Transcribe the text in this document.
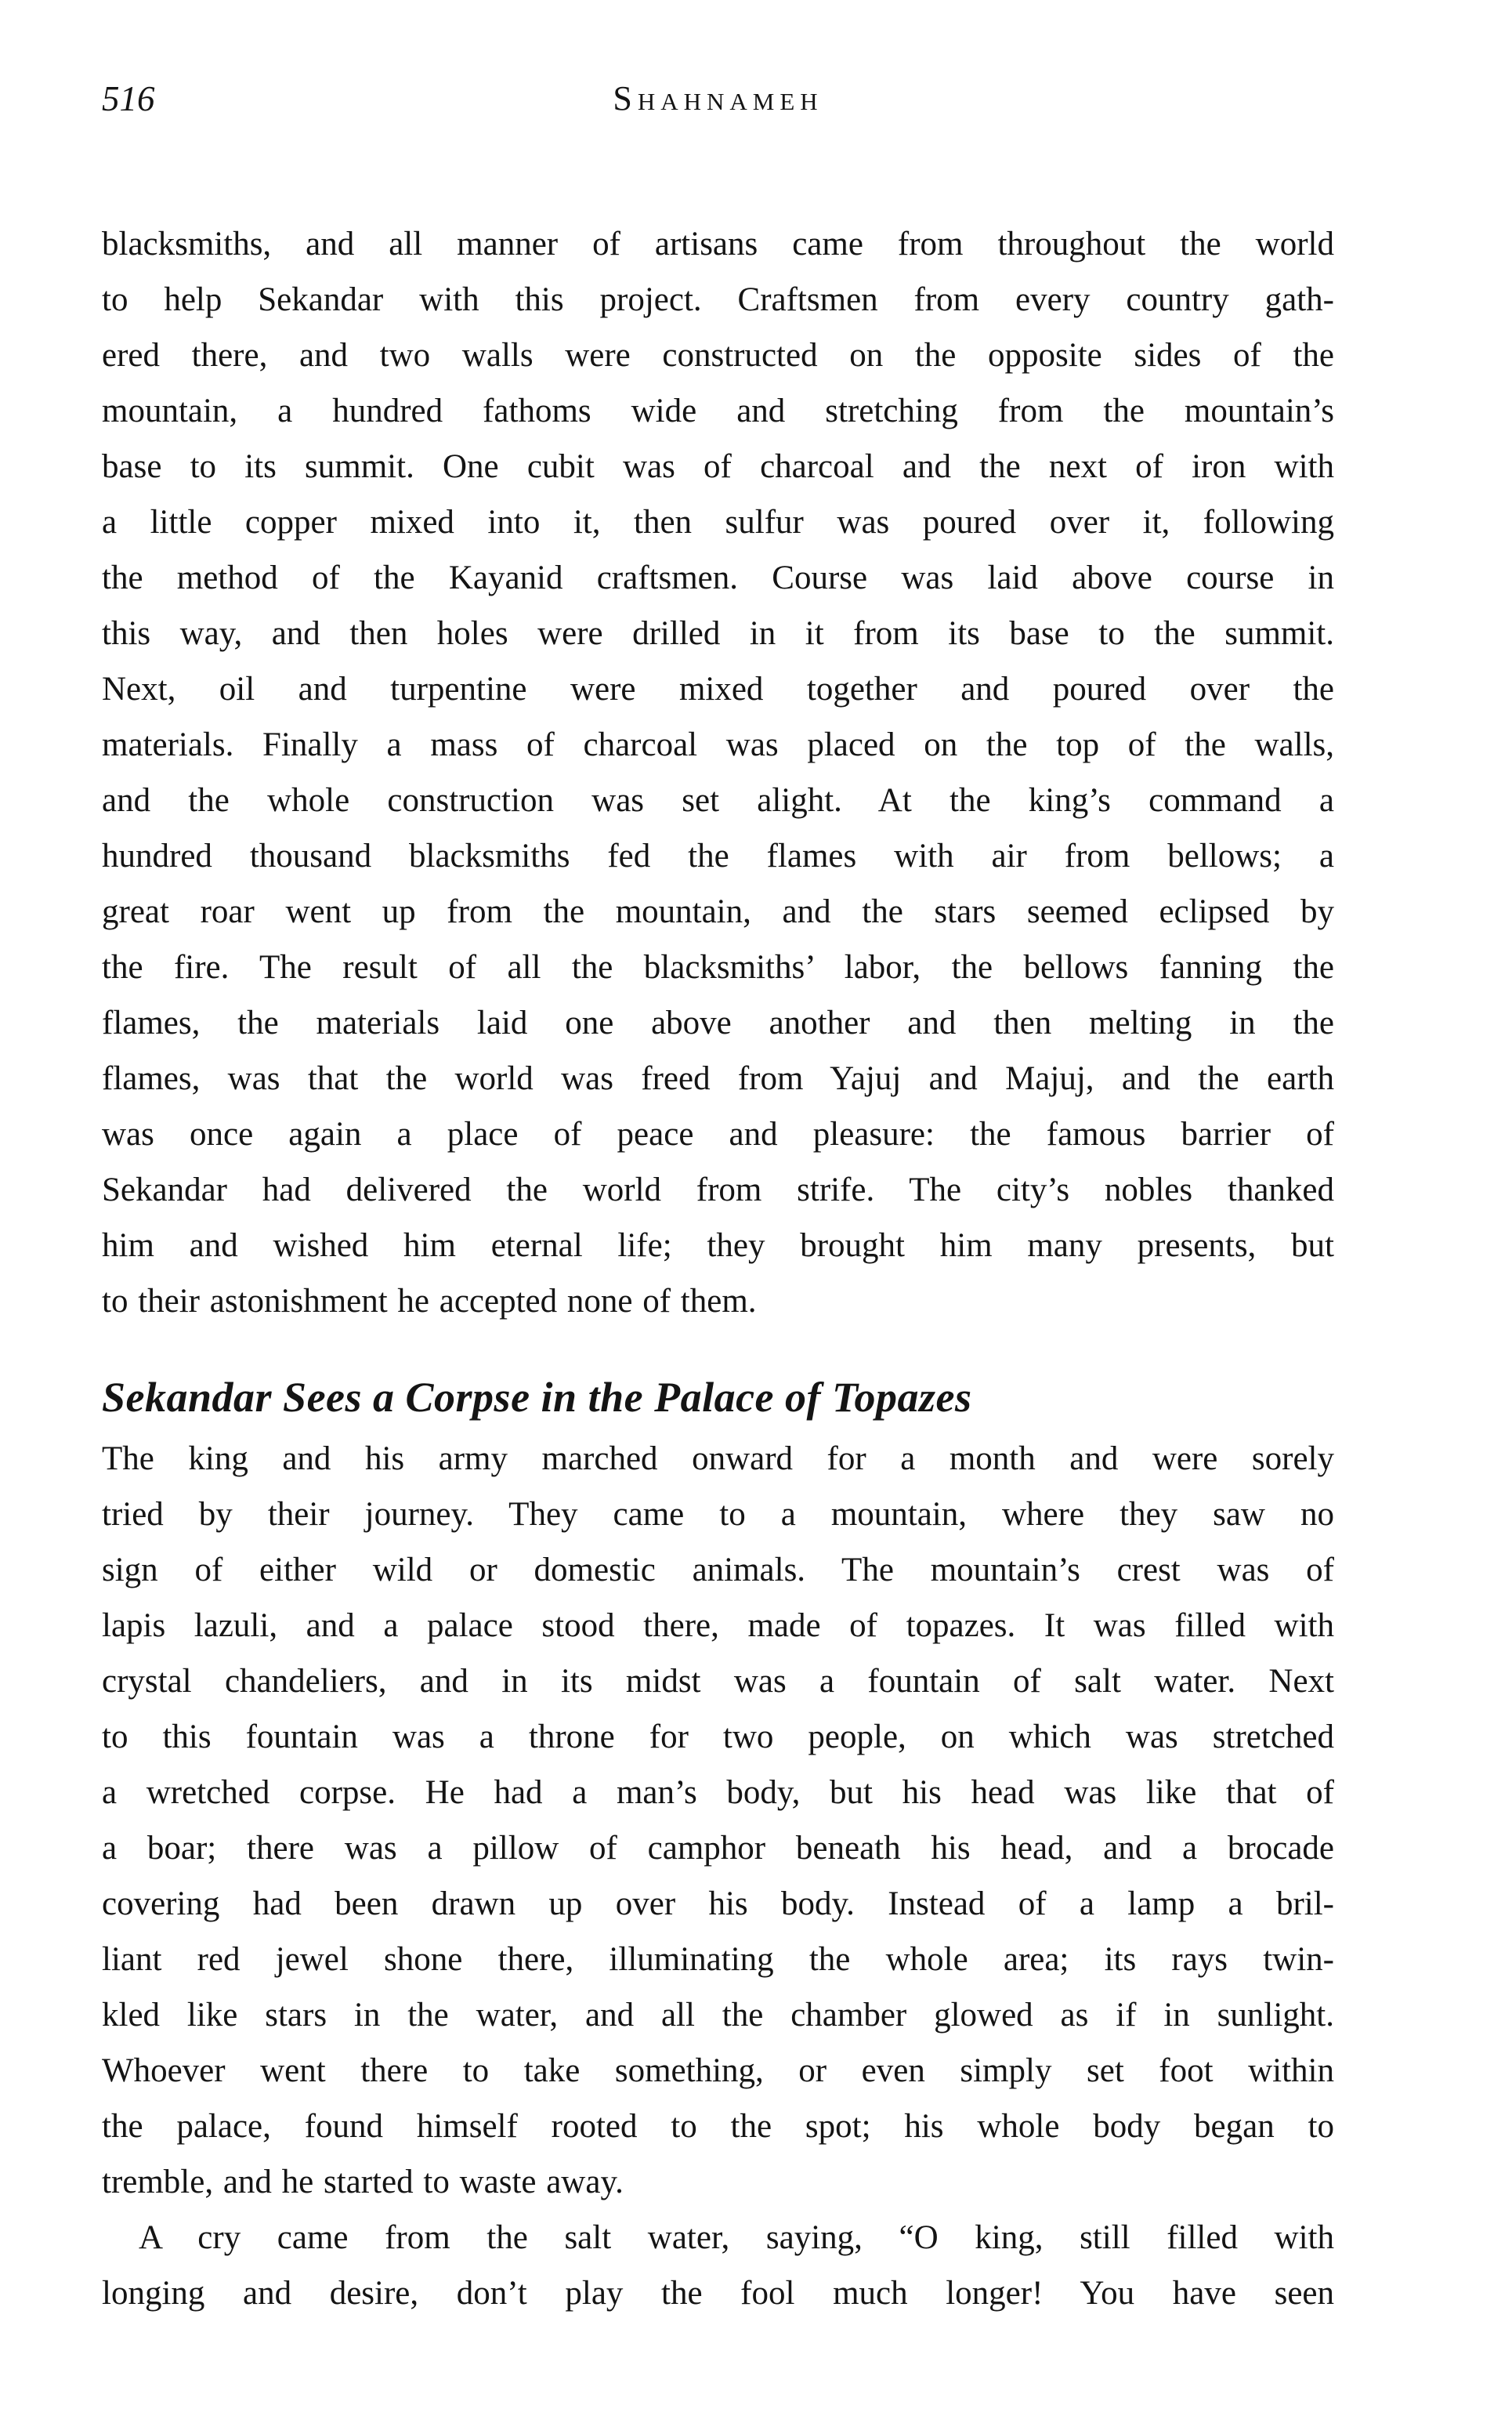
516	Shahnameh
blacksmiths, and all manner of artisans came from throughout the world
to help Sekandar with this project. Craftsmen from every country gath-
ered there, and two walls were constructed on the opposite sides of the
mountain, a hundred fathoms wide and stretching from the mountain’s
base to its summit. One cubit was of charcoal and the next of iron with
a little copper mixed into it, then sulfur was poured over it, following
the method of the Kayanid craftsmen. Course was laid above course in
this way, and then holes were drilled in it from its base to the summit.
Next, oil and turpentine were mixed together and poured over the
materials. Finally a mass of charcoal was placed on the top of the walls,
and the whole construction was set alight. At the king’s command a
hundred thousand blacksmiths fed the flames with air from bellows; a
great roar went up from the mountain, and the stars seemed eclipsed by
the fire. The result of all the blacksmiths’ labor, the bellows fanning the
flames, the materials laid one above another and then melting in the
flames, was that the world was freed from Yajuj and Majuj, and the earth
was once again a place of peace and pleasure: the famous barrier of
Sekandar had delivered the world from strife. The city’s nobles thanked
him and wished him eternal life; they brought him many presents, but
to their astonishment he accepted none of them.
Sekandar Sees a Corpse in the Palace of Topazes
The king and his army marched onward for a month and were sorely
tried by their journey. They came to a mountain, where they saw no
sign of either wild or domestic animals. The mountain’s crest was of
lapis lazuli, and a palace stood there, made of topazes. It was filled with
crystal chandeliers, and in its midst was a fountain of salt water. Next
to this fountain was a throne for two people, on which was stretched
a wretched corpse. He had a man’s body, but his head was like that of
a boar; there was a pillow of camphor beneath his head, and a brocade
covering had been drawn up over his body. Instead of a lamp a bril-
liant red jewel shone there, illuminating the whole area; its rays twin-
kled like stars in the water, and all the chamber glowed as if in sunlight.
Whoever went there to take something, or even simply set foot within
the palace, found himself rooted to the spot; his whole body began to
tremble, and he started to waste away.
A cry came from the salt water, saying, “O king, still filled with
longing and desire, don’t play the fool much longer! You have seen
